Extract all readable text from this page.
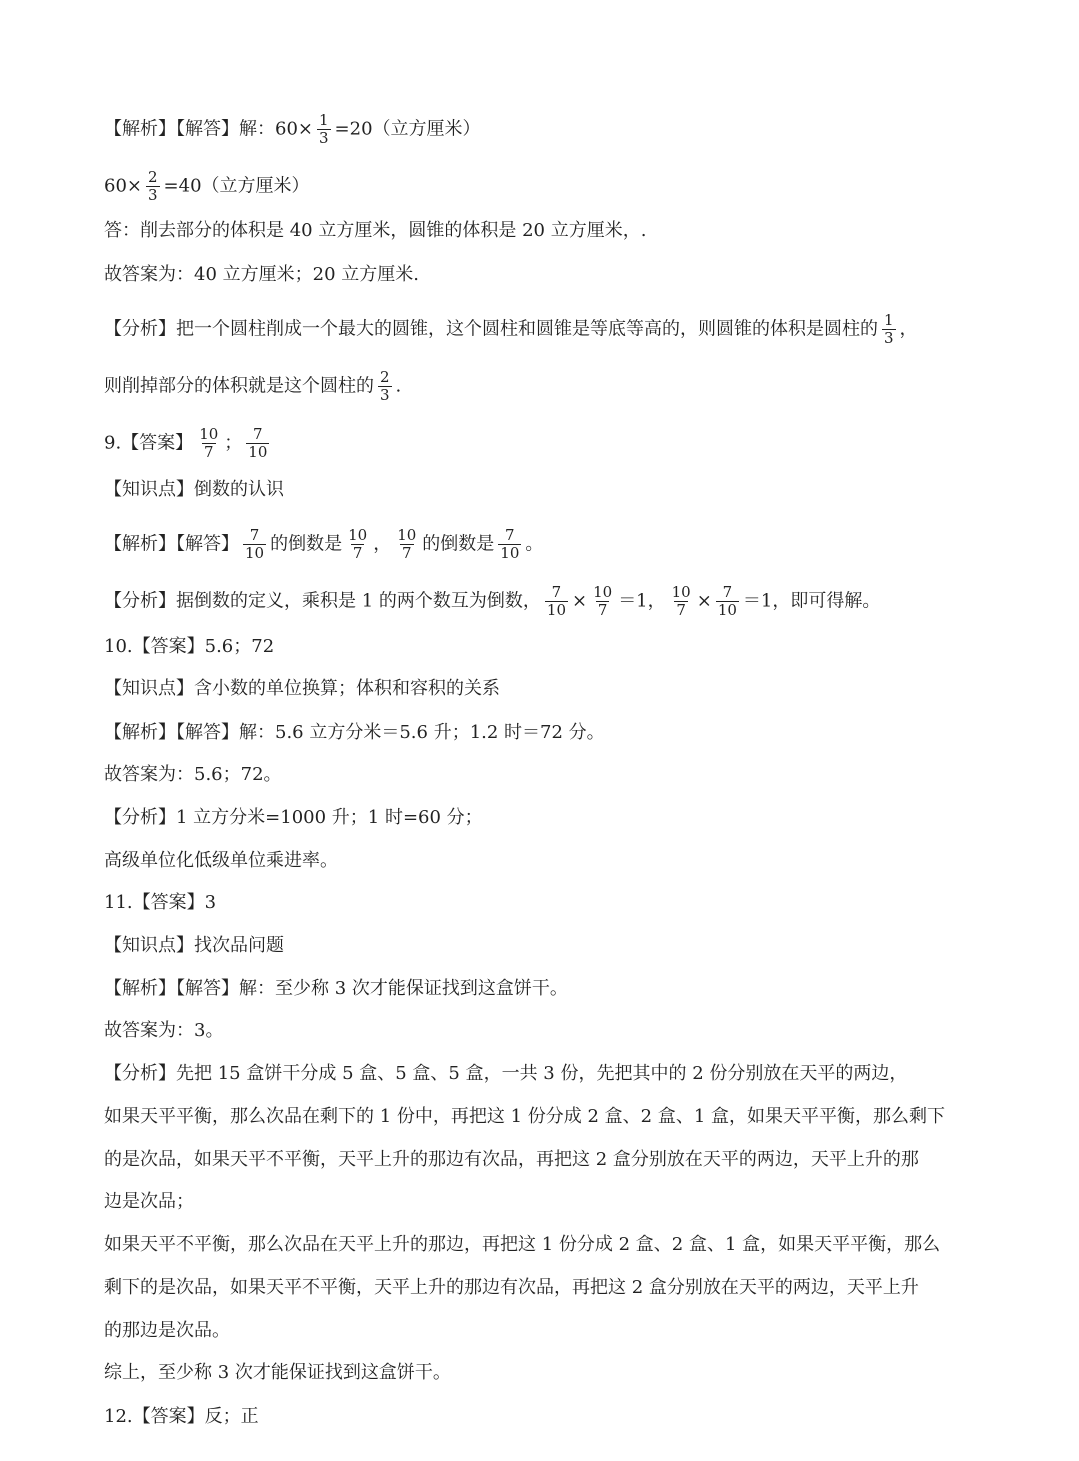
【解析】【解答】解：$60\times \frac{1}{3} =20$（立方厘米）
$60\times \frac{2}{3} =40$（立方厘米）
答：削去部分的体积是 40 立方厘米，圆锥的体积是 20 立方厘米，.
故答案为：40 立方厘米；20 立方厘米.
【分析】把一个圆柱削成一个最大的圆锥，这个圆柱和圆锥是等底等高的，则圆锥的体积是圆柱的 $\frac{1}{3}$ ，
则削掉部分的体积就是这个圆柱的 $\frac{2}{3}$ .
9.【答案】 $\frac{10}{7}$ ； $\frac{7}{10}$
【知识点】倒数的认识
【解析】【解答】 $\frac{7}{10}$ 的倒数是 $\frac{10}{7}$ ， $\frac{10}{7}$ 的倒数是 $\frac{7}{10}$ 。
【分析】据倒数的定义，乘积是 1 的两个数互为倒数， $\frac{7}{10} \times \frac{10}{7} =1$， $\frac{10}{7} \times \frac{7}{10} =1$，即可得解。
10.【答案】5.6；72
【知识点】含小数的单位换算；体积和容积的关系
【解析】【解答】解：5.6 立方分米＝5.6 升；1.2 时＝72 分。
故答案为：5.6；72。
【分析】1 立方分米=1000 升；1 时=60 分；
高级单位化低级单位乘进率。
11.【答案】3
【知识点】找次品问题
【解析】【解答】解：至少称 3 次才能保证找到这盒饼干。
故答案为：3。
【分析】先把 15 盒饼干分成 5 盒、5 盒、5 盒，一共 3 份，先把其中的 2 份分别放在天平的两边，
如果天平平衡，那么次品在剩下的 1 份中，再把这 1 份分成 2 盒、2 盒、1 盒，如果天平平衡，那么剩下
的是次品，如果天平不平衡，天平上升的那边有次品，再把这 2 盒分别放在天平的两边，天平上升的那
边是次品；
如果天平不平衡，那么次品在天平上升的那边，再把这 1 份分成 2 盒、2 盒、1 盒，如果天平平衡，那么
剩下的是次品，如果天平不平衡，天平上升的那边有次品，再把这 2 盒分别放在天平的两边，天平上升
的那边是次品。
综上，至少称 3 次才能保证找到这盒饼干。
12.【答案】反；正
